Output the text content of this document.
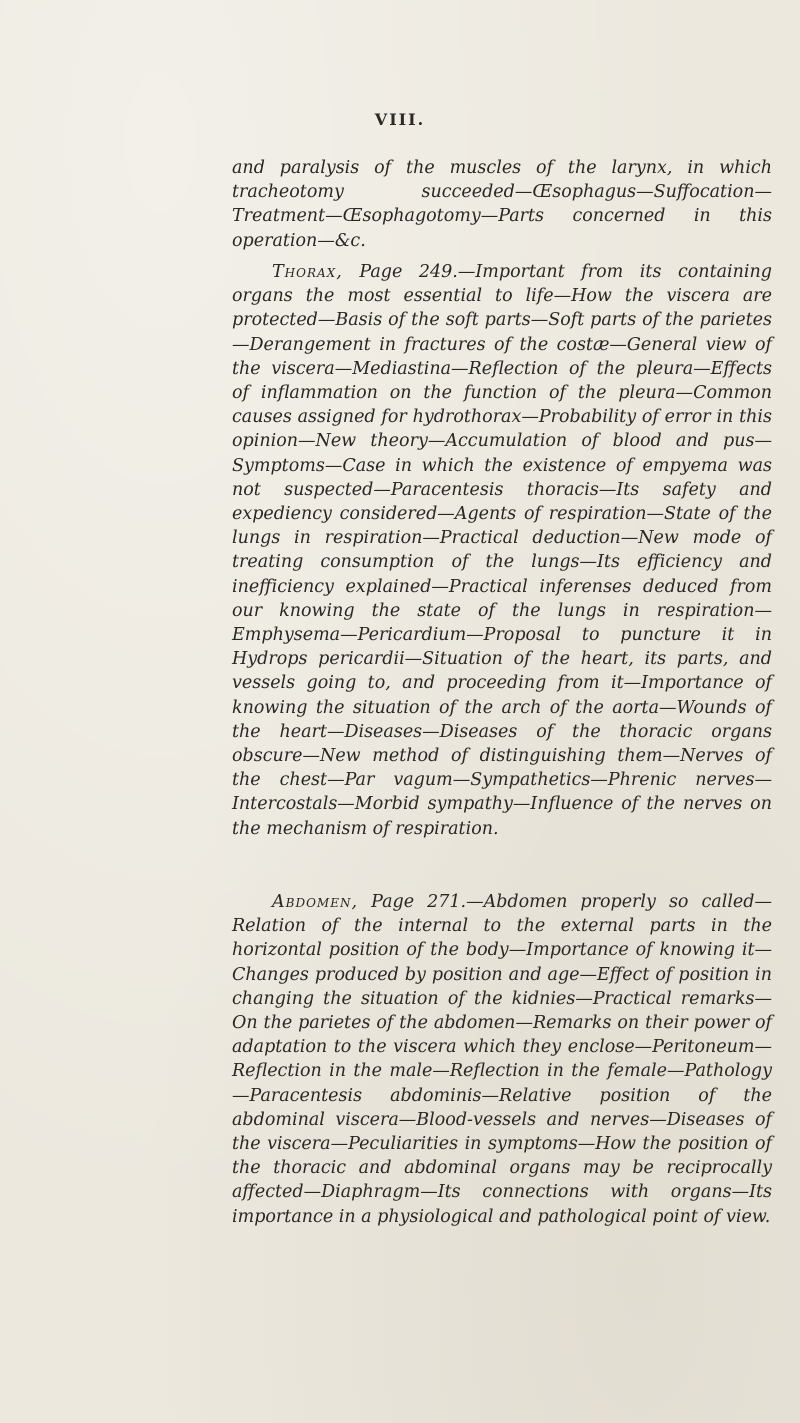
VIII.

and paralysis of the muscles of the larynx, in which tracheotomy succeeded—Œsophagus—Suffocation—Treatment—Œsophagotomy—Parts concerned in this operation—&c.

Thorax, Page 249.—Important from its containing organs the most essential to life—How the viscera are protected—Basis of the soft parts—Soft parts of the parietes—Derangement in fractures of the costæ—General view of the viscera—Mediastina—Reflection of the pleura—Effects of inflammation on the function of the pleura—Common causes assigned for hydrothorax—Probability of error in this opinion—New theory—Accumulation of blood and pus—Symptoms—Case in which the existence of empyema was not suspected—Paracentesis thoracis—Its safety and expediency considered—Agents of respiration—State of the lungs in respiration—Practical deduction—New mode of treating consumption of the lungs—Its efficiency and inefficiency explained—Practical inferenses deduced from our knowing the state of the lungs in respiration—Emphysema—Pericardium—Proposal to puncture it in Hydrops pericardii—Situation of the heart, its parts, and vessels going to, and proceeding from it—Importance of knowing the situation of the arch of the aorta—Wounds of the heart—Diseases—Diseases of the thoracic organs obscure—New method of distinguishing them—Nerves of the chest—Par vagum—Sympathetics—Phrenic nerves—Intercostals—Morbid sympathy—Influence of the nerves on the mechanism of respiration.

Abdomen, Page 271.—Abdomen properly so called—Relation of the internal to the external parts in the horizontal position of the body—Importance of knowing it—Changes produced by position and age—Effect of position in changing the situation of the kidnies—Practical remarks—On the parietes of the abdomen—Remarks on their power of adaptation to the viscera which they enclose—Peritoneum—Reflection in the male—Reflection in the female—Pathology—Paracentesis abdominis—Relative position of the abdominal viscera—Blood-vessels and nerves—Diseases of the viscera—Peculiarities in symptoms—How the position of the thoracic and abdominal organs may be reciprocally affected—Diaphragm—Its connections with organs—Its importance in a physiological and pathological point of view.
